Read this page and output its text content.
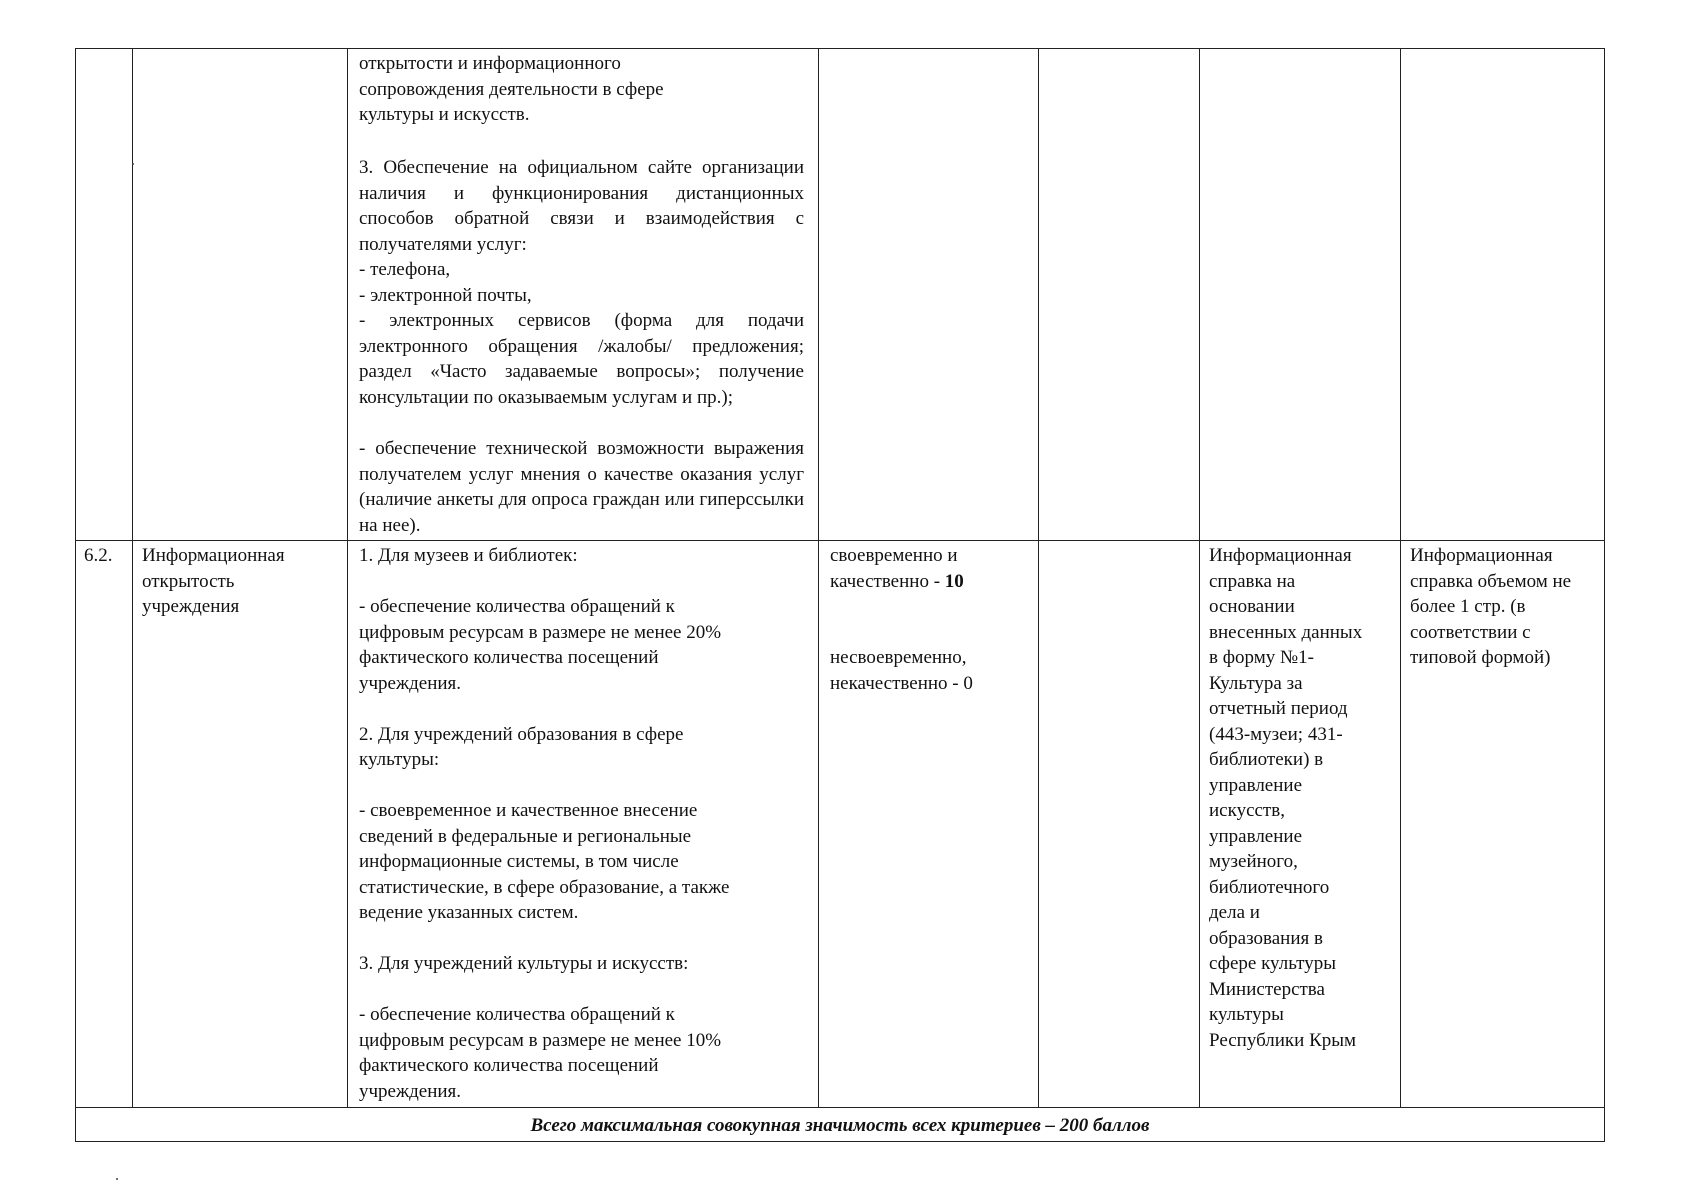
открытости и информационного
сопровождения деятельности в сфере
культуры и искусств.
3. Обеспечение на официальном сайте организации наличия и функционирования дистанционных способов обратной связи и взаимодействия с получателями услуг:
- телефона,
- электронной почты,
- электронных сервисов (форма для подачи электронного обращения /жалобы/ предложения; раздел «Часто задаваемые вопросы»; получение консультации по оказываемым услугам и пр.);
- обеспечение технической возможности выражения получателем услуг мнения о качестве оказания услуг (наличие анкеты для опроса граждан или гиперссылки на нее).
6.2.	Информационная
открытость
учреждения
1. Для музеев и библиотек:

- обеспечение количества обращений к
цифровым ресурсам в размере не менее 20%
фактического количества посещений
учреждения.

2. Для учреждений образования в сфере
культуры:

- своевременное и качественное внесение
сведений в федеральные и региональные
информационные системы, в том числе
статистические, в сфере образование, а также
ведение указанных систем.

3. Для учреждений культуры и искусств:

- обеспечение количества обращений к
цифровым ресурсам в размере не менее 10%
фактического количества посещений
учреждения.
своевременно и
качественно - 10
несвоевременно,
некачественно - 0
Информационная
справка на
основании
внесенных данных
в форму №1-
Культура за
отчетный период
(443-музеи; 431-
библиотеки) в
управление
искусств,
управление
музейного,
библиотечного
дела и
образования в
сфере культуры
Министерства
культуры
Республики Крым
Информационная
справка объемом не
более 1 стр. (в
соответствии с
типовой формой)
Всего максимальная совокупная значимость всех критериев – 200 баллов
